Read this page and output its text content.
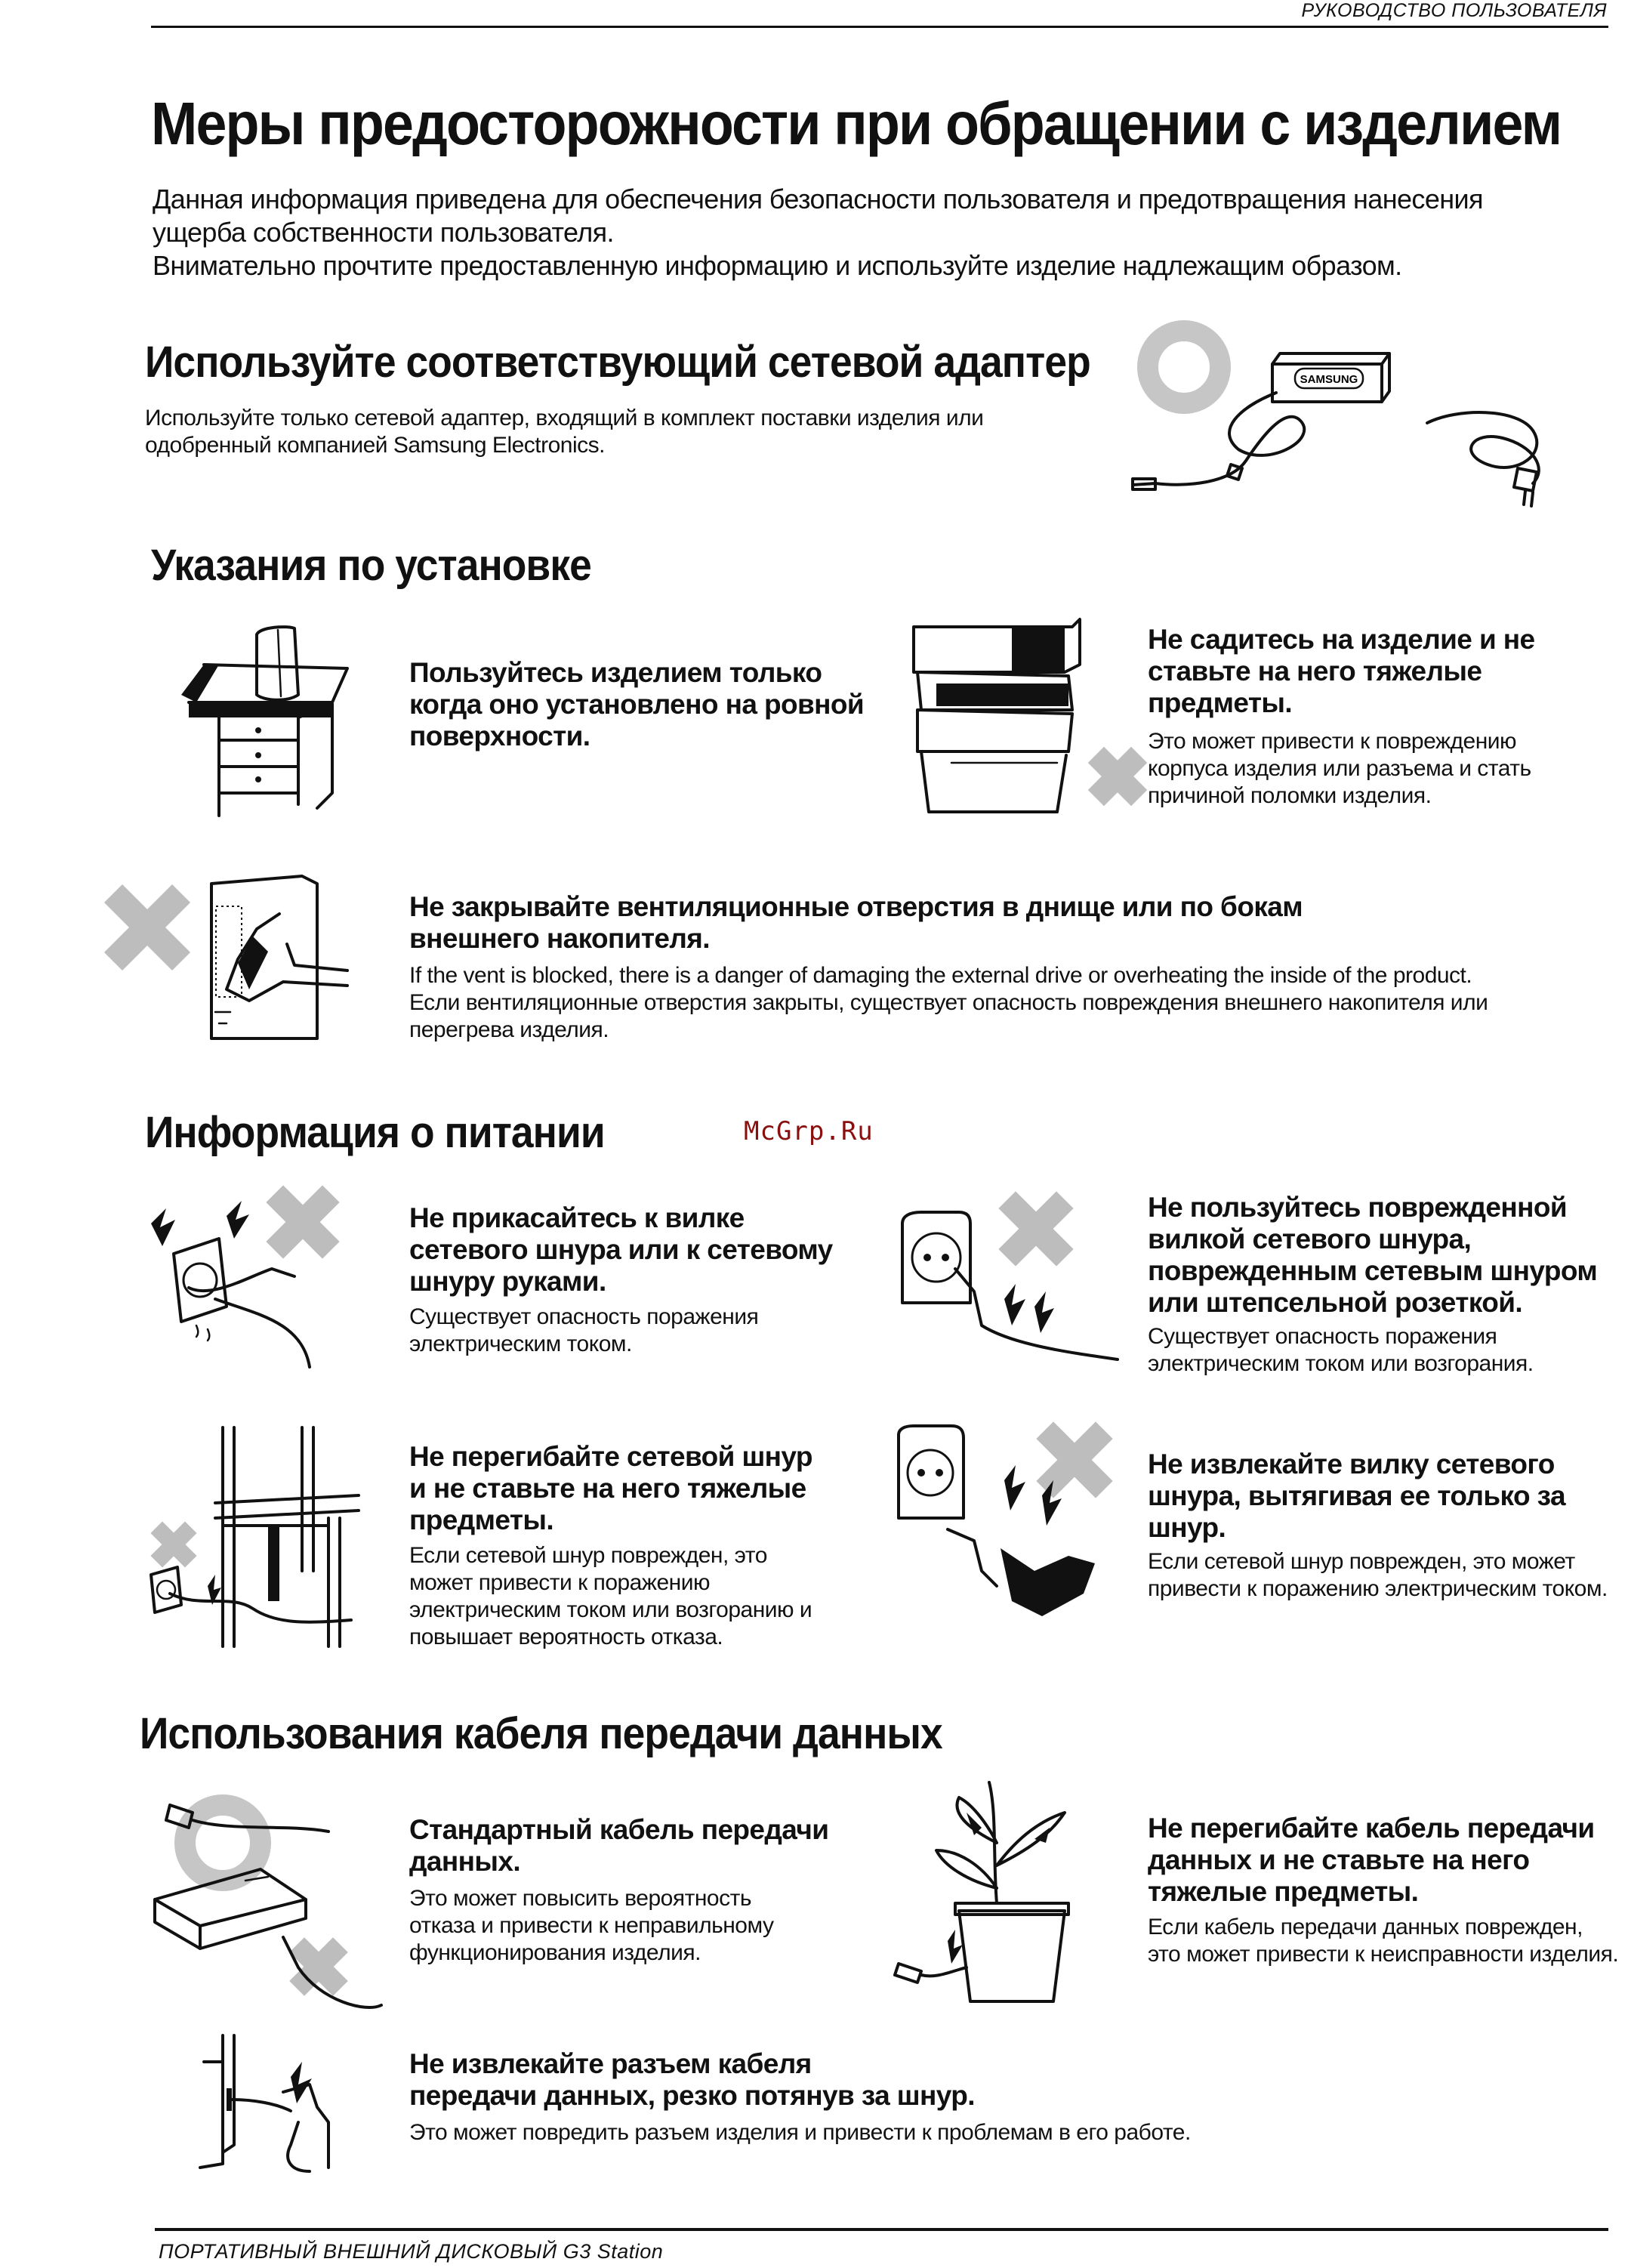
РУКОВОДСТВО ПОЛЬЗОВАТЕЛЯ
Меры предосторожности при обращении с изделием
Данная информация приведена для обеспечения безопасности пользователя и предотвращения нанесения
ущерба собственности пользователя.
Внимательно прочтите предоставленную информацию и используйте изделие надлежащим образом.
Используйте соответствующий сетевой адаптер
Используйте только сетевой адаптер, входящий в комплект поставки изделия или
одобренный компанией Samsung Electronics.
SAMSUNG
Указания по установке
Пользуйтесь изделием только
когда оно установлено на ровной
поверхности.
Не садитесь на изделие и не
ставьте на него тяжелые
предметы.
Это может привести к повреждению
корпуса изделия или разъема и стать
причиной поломки изделия.
Не закрывайте вентиляционные отверстия в днище или по бокам
внешнего накопителя.
If the vent is blocked, there is a danger of damaging the external drive or overheating the inside of the product.
Если вентиляционные отверстия закрыты, существует опасность повреждения внешнего накопителя или
перегрева изделия.
Информация о питании	McGrp.Ru
Не прикасайтесь к вилке
сетевого шнура или к сетевому
шнуру руками.
Существует опасность поражения
электрическим током.
Не пользуйтесь поврежденной
вилкой сетевого шнура,
поврежденным сетевым шнуром
или штепсельной розеткой.
Существует опасность поражения
электрическим током или возгорания.
Не перегибайте сетевой шнур
и не ставьте на него тяжелые
предметы.
Если сетевой шнур поврежден, это
может привести к поражению
электрическим током или возгоранию и
повышает вероятность отказа.
Не извлекайте вилку сетевого
шнура, вытягивая ее только за
шнур.
Если сетевой шнур поврежден, это может
привести к поражению электрическим током.
Использования кабеля передачи данных
Стандартный кабель передачи
данных.
Это может повысить вероятность
отказа и привести к неправильному
функционирования изделия.
Не перегибайте кабель передачи
данных и не ставьте на него
тяжелые предметы.
Если кабель передачи данных поврежден,
это может привести к неисправности изделия.
Не извлекайте разъем кабеля
передачи данных, резко потянув за шнур.
Это может повредить разъем изделия и привести к проблемам в его работе.
ПОРТАТИВНЫЙ ВНЕШНИЙ ДИСКОВЫЙ G3 Station
